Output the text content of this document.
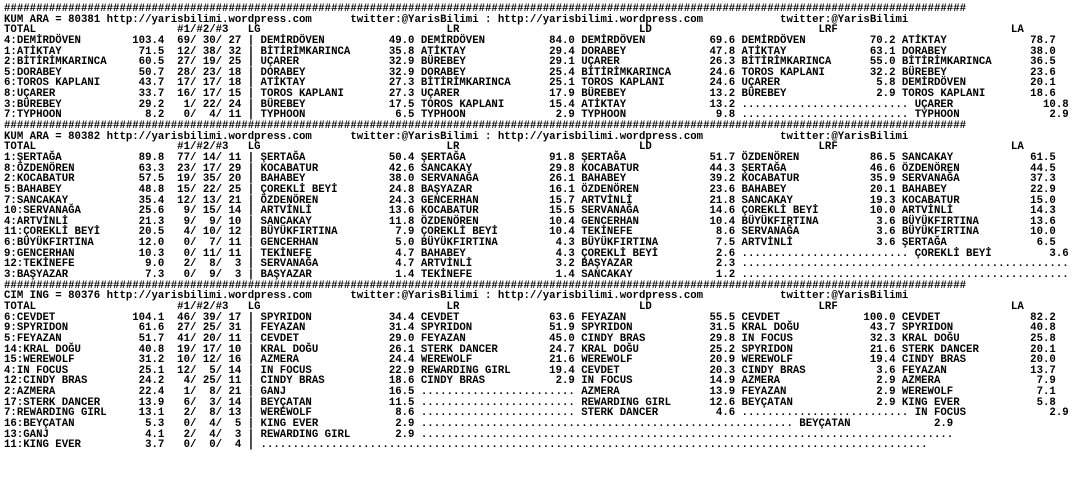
######################################################################################################################################################
KUM ARA = 80381 http://yarisbilimi.wordpress.com      twitter:@YarisBilimi : http://yarisbilimi.wordpress.com            twitter:@YarisBilimi
TOTAL                      #1/#2/#3   LG                             LR                            LD                          LRF                           LA
4:DEMİRDÖVEN        103.4  69/ 30/ 27 | DEMİRDÖVEN          49.0 DEMİRDÖVEN          84.0 DEMİRDÖVEN          69.6 DEMİRDÖVEN          70.2 ATİKTAY             78.7
1:ATİKTAY            71.5  12/ 38/ 32 | BİTİRİMKARINCA      35.8 ATİKTAY             29.4 DORABEY             47.8 ATİKTAY             63.1 DORABEY             38.0
2:BİTİRİMKARINCA     60.5  27/ 19/ 25 | UÇARER              32.9 BÜREBEY             29.1 UÇARER              26.3 BİTİRİMKARINCA      55.0 BİTİRİMKARINCA      36.5
5:DORABEY            50.7  28/ 23/ 18 | DORABEY             32.9 DORABEY             25.4 BİTİRİMKARINCA      24.6 TOROS KAPLANI       32.2 BÜREBEY             23.6
6:TOROS KAPLANI      43.7  17/ 17/ 18 | ATİKTAY             27.3 BİTİRİMKARINCA      25.1 TOROS KAPLANI       24.6 UÇARER               5.8 DEMİRDÖVEN          20.1
8:UÇARER             33.7  16/ 17/ 15 | TOROS KAPLANI       27.3 UÇARER              17.9 BÜREBEY             13.2 BÜREBEY              2.9 TOROS KAPLANI       18.6
3:BÜREBEY            29.2   1/ 22/ 24 | BÜREBEY             17.5 TOROS KAPLANI       15.4 ATİKTAY             13.2 .......................... UÇARER              10.8
7:TYPHOON             8.2   0/  4/ 11 | TYPHOON              6.5 TYPHOON              2.9 TYPHOON              9.8 .......................... TYPHOON              2.9
######################################################################################################################################################
KUM ARA = 80382 http://yarisbilimi.wordpress.com      twitter:@YarisBilimi : http://yarisbilimi.wordpress.com            twitter:@YarisBilimi
TOTAL                      #1/#2/#3   LG                             LR                            LD                          LRF                           LA
1:ŞERTAĞA            89.8  77/ 14/ 11 | ŞERTAĞA             50.4 ŞERTAĞA             91.8 ŞERTAĞA             51.7 ÖZDENÖREN           86.5 SANCAKAY            61.5
8:ÖZDENÖREN          63.3  23/ 17/ 29 | KOCABATUR           42.6 SANCAKAY            29.8 KOCABATUR           44.3 ŞERTAĞA             46.6 ÖZDENÖREN           44.5
2:KOCABATUR          57.5  19/ 35/ 20 | BAHABEY             38.0 SERVANAĞA           26.1 BAHABEY             39.2 KOCABATUR           35.9 SERVANAĞA           37.3
5:BAHABEY            48.8  15/ 22/ 25 | ÇOREKLİ BEYİ        24.8 BAŞYAZAR            16.1 ÖZDENÖREN           23.6 BAHABEY             20.1 BAHABEY             22.9
7:SANCAKAY           35.4  12/ 13/ 21 | ÖZDENÖREN           24.3 GENCERHAN           15.7 ARTVİNLİ            21.8 SANCAKAY            19.3 KOCABATUR           15.0
10:SERVANAĞA         25.6   9/ 15/ 14 | ARTVİNLİ            13.6 KOCABATUR           15.5 SERVANAĞA           14.6 ÇOREKLİ BEYİ        10.0 ARTVİNLİ            14.3
4:ARTVİNLİ           21.3   9/  9/ 10 | SANCAKAY            11.8 ÖZDENÖREN           10.4 GENCERHAN           10.4 BÜYÜKFIRTINA         3.6 BÜYÜKFIRTINA        13.6
11:ÇOREKLİ BEYİ      20.5   4/ 10/ 12 | BÜYÜKFIRTINA         7.9 ÇOREKLİ BEYİ        10.4 TEKİNEFE             8.6 SERVANAĞA            3.6 BÜYÜKFIRTINA        10.0
6:BÜYÜKFIRTINA       12.0   0/  7/ 11 | GENCERHAN            5.0 BÜYÜKFIRTINA         4.3 BÜYÜKFIRTINA         7.5 ARTVİNLİ             3.6 ŞERTAĞA              6.5
9:GENCERHAN          10.3   0/ 11/ 11 | TEKİNEFE             4.7 BAHABEY              4.3 ÇOREKLİ BEYİ         2.6 .......................... ÇOREKLİ BEYİ         3.6
12:TEKİNEFE           9.0   2/  8/  3 | SERVANAĞA            4.7 ARTVİNLİ             3.2 BAŞYAZAR             2.3 ...................................................
3:BAŞYAZAR            7.3   0/  9/  3 | BAŞYAZAR             1.4 TEKİNEFE             1.4 SANCAKAY             1.2 ...................................................
######################################################################################################################################################
CIM ING = 80376 http://yarisbilimi.wordpress.com      twitter:@YarisBilimi : http://yarisbilimi.wordpress.com            twitter:@YarisBilimi
TOTAL                      #1/#2/#3   LG                             LR                            LD                          LRF                           LA
6:CEVDET            104.1  46/ 39/ 17 | SPYRIDON            34.4 CEVDET              63.6 FEYAZAN             55.5 CEVDET             100.0 CEVDET              82.2
9:SPYRIDON           61.6  27/ 25/ 31 | FEYAZAN             31.4 SPYRIDON            51.9 SPYRIDON            31.5 KRAL DOĞU           43.7 SPYRIDON            40.8
5:FEYAZAN            51.7  41/ 20/ 11 | CEVDET              29.0 FEYAZAN             45.0 CINDY BRAS          29.8 IN FOCUS            32.3 KRAL DOĞU           25.8
14:KRAL DOĞU         40.8  19/ 17/ 10 | KRAL DOĞU           26.1 STERK DANCER        24.7 KRAL DOĞU           25.2 SPYRIDON            21.6 STERK DANCER        20.1
15:WEREWOLF          31.2  10/ 12/ 16 | AZMERA              24.4 WEREWOLF            21.6 WEREWOLF            20.9 WEREWOLF            19.4 CINDY BRAS          20.0
4:IN FOCUS           25.1  12/  5/ 14 | IN FOCUS            22.9 REWARDING GIRL      19.4 CEVDET              20.3 CINDY BRAS           3.6 FEYAZAN             13.7
12:CINDY BRAS        24.2   4/ 25/ 11 | CINDY BRAS          18.6 CINDY BRAS           2.9 IN FOCUS            14.9 AZMERA               2.9 AZMERA               7.9
2:AZMERA             22.4   1/  8/ 21 | GANJ                16.5 ........................ AZMERA              13.9 FEYAZAN              2.9 WEREWOLF             7.1
17:STERK DANCER      13.9   6/  3/ 14 | BEYÇATAN            11.5 ........................ REWARDING GIRL      12.6 BEYÇATAN             2.9 KING EVER            5.8
7:REWARDING GIRL     13.1   2/  8/ 13 | WEREWOLF             8.6 ........................ STERK DANCER         4.6 .......................... IN FOCUS             2.9
16:BEYÇATAN           5.3   0/  4/  5 | KING EVER            2.9 .......................................................... BEYÇATAN             2.9
13:GANJ               4.1   2/  4/  3 | REWARDING GIRL       2.9 ...................................................................................
11:KING EVER          3.7   0/  0/  4 | ........................................................................................................
